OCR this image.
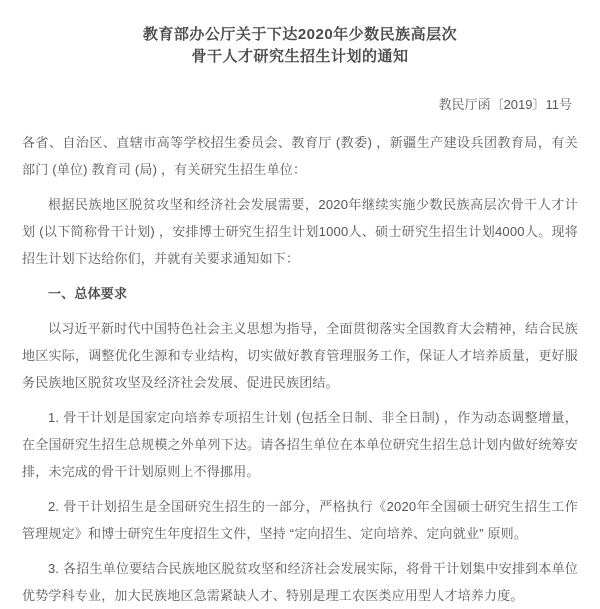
教育部办公厅关于下达2020年少数民族高层次
骨干人才研究生招生计划的通知
教民厅函〔2019〕11号

各省、自治区、直辖市高等学校招生委员会、教育厅 (教委) ，新疆生产建设兵团教育局，有关部门 (单位) 教育司 (局) ，有关研究生招生单位：

根据民族地区脱贫攻坚和经济社会发展需要，2020年继续实施少数民族高层次骨干人才计划 (以下简称骨干计划) ，安排博士研究生招生计划1000人、硕士研究生招生计划4000人。现将招生计划下达给你们，并就有关要求通知如下：

一、总体要求

以习近平新时代中国特色社会主义思想为指导，全面贯彻落实全国教育大会精神，结合民族地区实际，调整优化生源和专业结构，切实做好教育管理服务工作，保证人才培养质量，更好服务民族地区脱贫攻坚及经济社会发展、促进民族团结。

1. 骨干计划是国家定向培养专项招生计划 (包括全日制、非全日制) ，作为动态调整增量，在全国研究生招生总规模之外单列下达。请各招生单位在本单位研究生招生总计划内做好统筹安排，未完成的骨干计划原则上不得挪用。

2. 骨干计划招生是全国研究生招生的一部分，严格执行《2020年全国硕士研究生招生工作管理规定》和博士研究生年度招生文件，坚持 “定向招生、定向培养、定向就业” 原则。

3. 各招生单位要结合民族地区脱贫攻坚和经济社会发展实际，将骨干计划集中安排到本单位优势学科专业，加大民族地区急需紧缺人才、特别是理工农医类应用型人才培养力度。
